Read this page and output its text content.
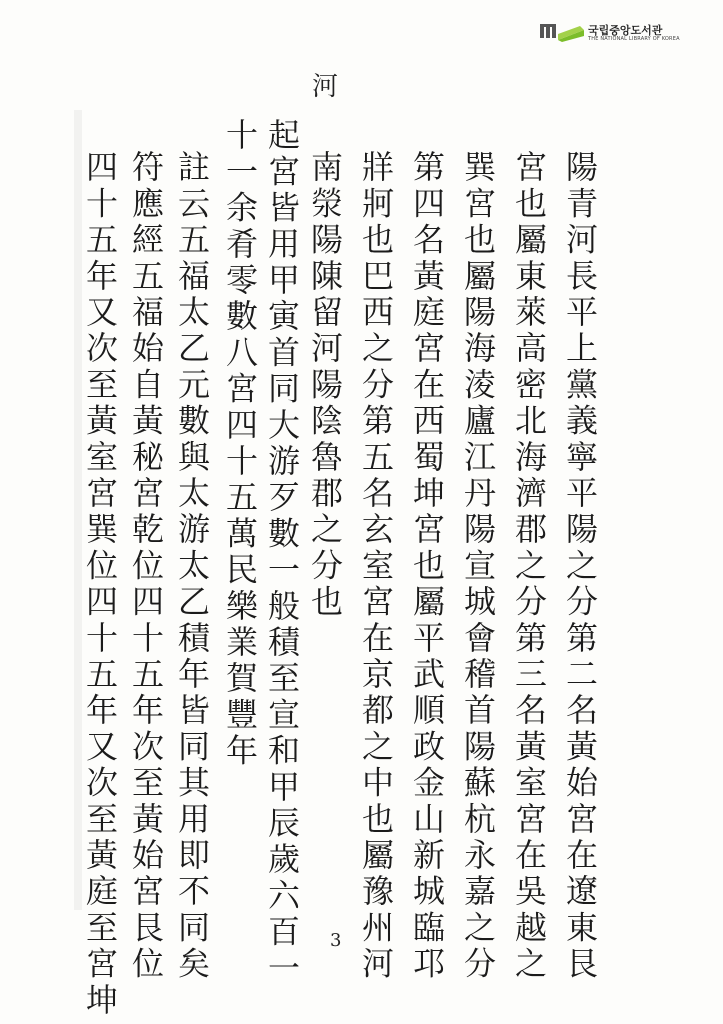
국립중앙도서관
THE NATIONAL LIBRARY OF KOREA
河
陽青河長平上黨義寧平陽之分第二名黃始宮在遼東艮
宮也屬東萊高密北海濟郡之分第三名黃室宮在吳越之
巽宮也屬陽海淩廬江丹陽宣城會稽首陽蘇杭永嘉之分
第四名黃庭宮在西蜀坤宮也屬平武順政金山新城臨邛
牂牁也巴西之分第五名玄室宮在京都之中也屬豫州河
南滎陽陳留河陽陰魯郡之分也
起宮皆用甲寅首同大游歹數一般積至宣和甲辰歲六百一
十一余肴零數八宮四十五萬民樂業賀豐年
註云五福太乙元數與太游太乙積年皆同其用即不同矣
符應經五福始自黃秘宮乾位四十五年次至黃始宮艮位
四十五年又次至黃室宮巽位四十五年又次至黃庭至宮坤	3
